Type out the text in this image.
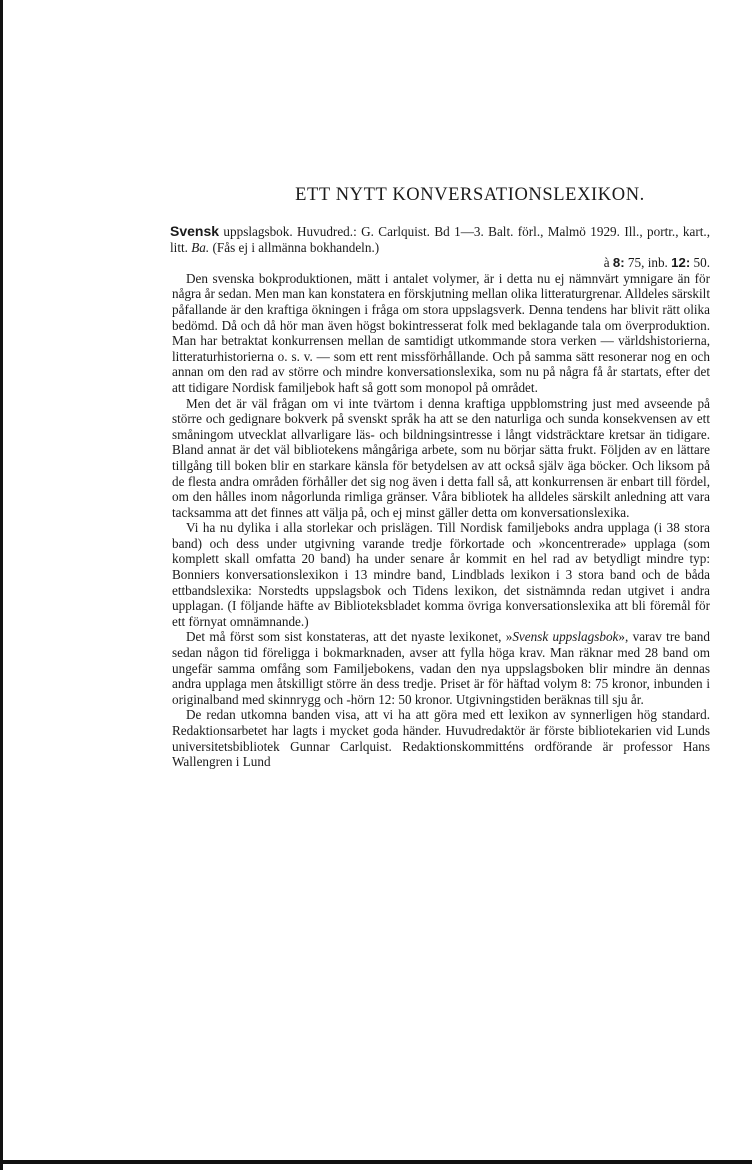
ETT NYTT KONVERSATIONSLEXIKON.

Svensk uppslagsbok. Huvudred.: G. Carlquist. Bd 1—3. Balt. förl., Malmö 1929. Ill., portr., kart., litt. Ba. (Fås ej i allmänna bokhandeln.)

à 8: 75, inb. 12: 50.

Den svenska bokproduktionen, mätt i antalet volymer, är i detta nu ej nämnvärt ymnigare än för några år sedan. Men man kan konstatera en förskjutning mellan olika litteraturgrenar. Alldeles särskilt påfallande är den kraftiga ökningen i fråga om stora uppslagsverk. Denna tendens har blivit rätt olika bedömd. Då och då hör man även högst bokintresserat folk med beklagande tala om överproduktion. Man har betraktat konkurrensen mellan de samtidigt utkommande stora verken — världshistorierna, litteraturhistorierna o. s. v. — som ett rent missförhållande. Och på samma sätt resonerar nog en och annan om den rad av större och mindre konversationslexika, som nu på några få år startats, efter det att tidigare Nordisk familjebok haft så gott som monopol på området.

Men det är väl frågan om vi inte tvärtom i denna kraftiga uppblomstring just med avseende på större och gedignare bokverk på svenskt språk ha att se den naturliga och sunda konsekvensen av ett småningom utvecklat allvarligare läs- och bildningsintresse i långt vidsträcktare kretsar än tidigare. Bland annat är det väl bibliotekens mångåriga arbete, som nu börjar sätta frukt. Följden av en lättare tillgång till boken blir en starkare känsla för betydelsen av att också själv äga böcker. Och liksom på de flesta andra områden förhåller det sig nog även i detta fall så, att konkurrensen är enbart till fördel, om den hålles inom någorlunda rimliga gränser. Våra bibliotek ha alldeles särskilt anledning att vara tacksamma att det finnes att välja på, och ej minst gäller detta om konversationslexika.

Vi ha nu dylika i alla storlekar och prislägen. Till Nordisk familjeboks andra upplaga (i 38 stora band) och dess under utgivning varande tredje förkortade och »koncentrerade» upplaga (som komplett skall omfatta 20 band) ha under senare år kommit en hel rad av betydligt mindre typ: Bonniers konversationslexikon i 13 mindre band, Lindblads lexikon i 3 stora band och de båda ettbandslexika: Norstedts uppslagsbok och Tidens lexikon, det sistnämnda redan utgivet i andra upplagan. (I följande häfte av Biblioteksbladet komma övriga konversationslexika att bli föremål för ett förnyat omnämnande.)

Det må först som sist konstateras, att det nyaste lexikonet, »Svensk uppslagsbok», varav tre band sedan någon tid föreligga i bokmarknaden, avser att fylla höga krav. Man räknar med 28 band om ungefär samma omfång som Familjebokens, vadan den nya uppslagsboken blir mindre än dennas andra upplaga men åtskilligt större än dess tredje. Priset är för häftad volym 8: 75 kronor, inbunden i originalband med skinnrygg och -hörn 12: 50 kronor. Utgivningstiden beräknas till sju år.

De redan utkomna banden visa, att vi ha att göra med ett lexikon av synnerligen hög standard. Redaktionsarbetet har lagts i mycket goda händer. Huvudredaktör är förste bibliotekarien vid Lunds universitetsbibliotek Gunnar Carlquist. Redaktionskommitténs ordförande är professor Hans Wallengren i Lund
